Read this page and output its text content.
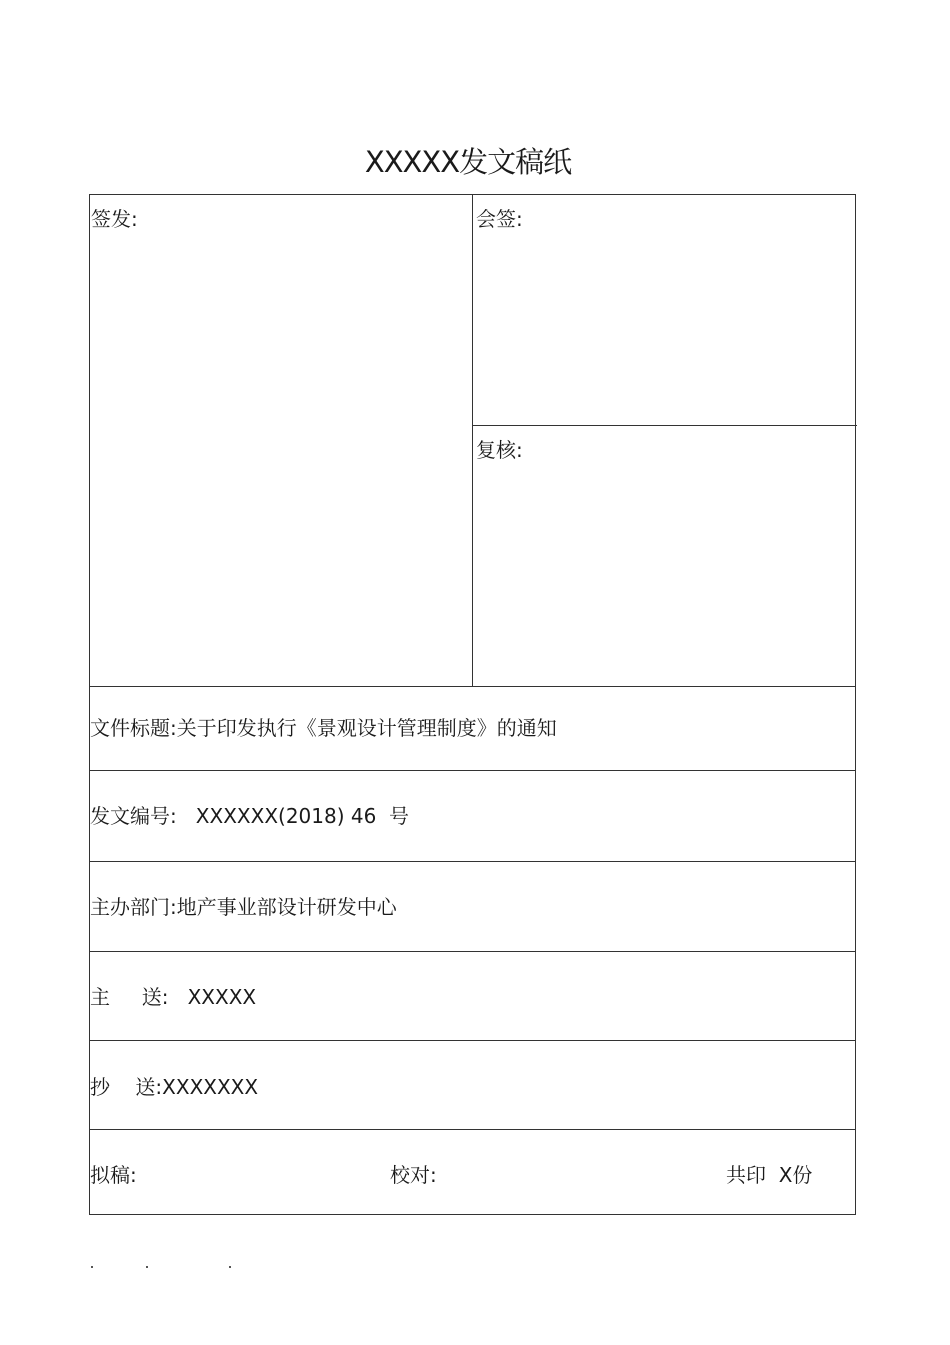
XXXXX发文稿纸
签发:	会签:
复核:
文件标题:关于印发执行《景观设计管理制度》的通知
发文编号:   XXXXXX(2018) 46  号
主办部门:地产事业部设计研发中心
主     送:   XXXXX
抄    送:XXXXXXX
拟稿:	校对:	共印  X份
